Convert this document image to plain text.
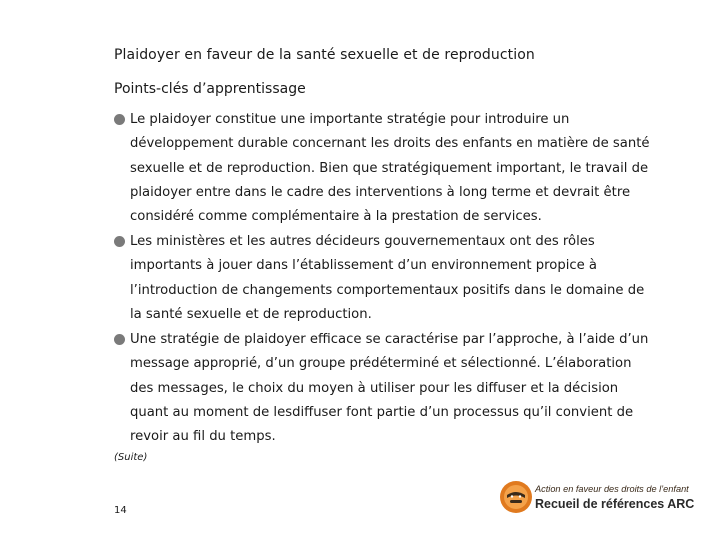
Plaidoyer en faveur de la santé sexuelle et de reproduction
Points-clés d’apprentissage
Le plaidoyer constitue une importante stratégie pour introduire un
développement durable concernant les droits des enfants en matière de santé
sexuelle et de reproduction. Bien que stratégiquement important, le travail de
plaidoyer entre dans le cadre des interventions à long terme et devrait être
considéré comme complémentaire à la prestation de services.
Les ministères et les autres décideurs gouvernementaux ont des rôles
importants à jouer dans l’établissement d’un environnement propice à
l’introduction de changements comportementaux positifs dans le domaine de
la santé sexuelle et de reproduction.
Une stratégie de plaidoyer efficace se caractérise par l’approche, à l’aide d’un
message approprié, d’un groupe prédéterminé et sélectionné. L’élaboration
des messages, le choix du moyen à utiliser pour les diffuser et la décision
quant au moment de lesdiffuser font partie d’un processus qu’il convient de
revoir au fil du temps.
(Suite)
14
Action en faveur des droits de l’enfant
Recueil de références ARC
